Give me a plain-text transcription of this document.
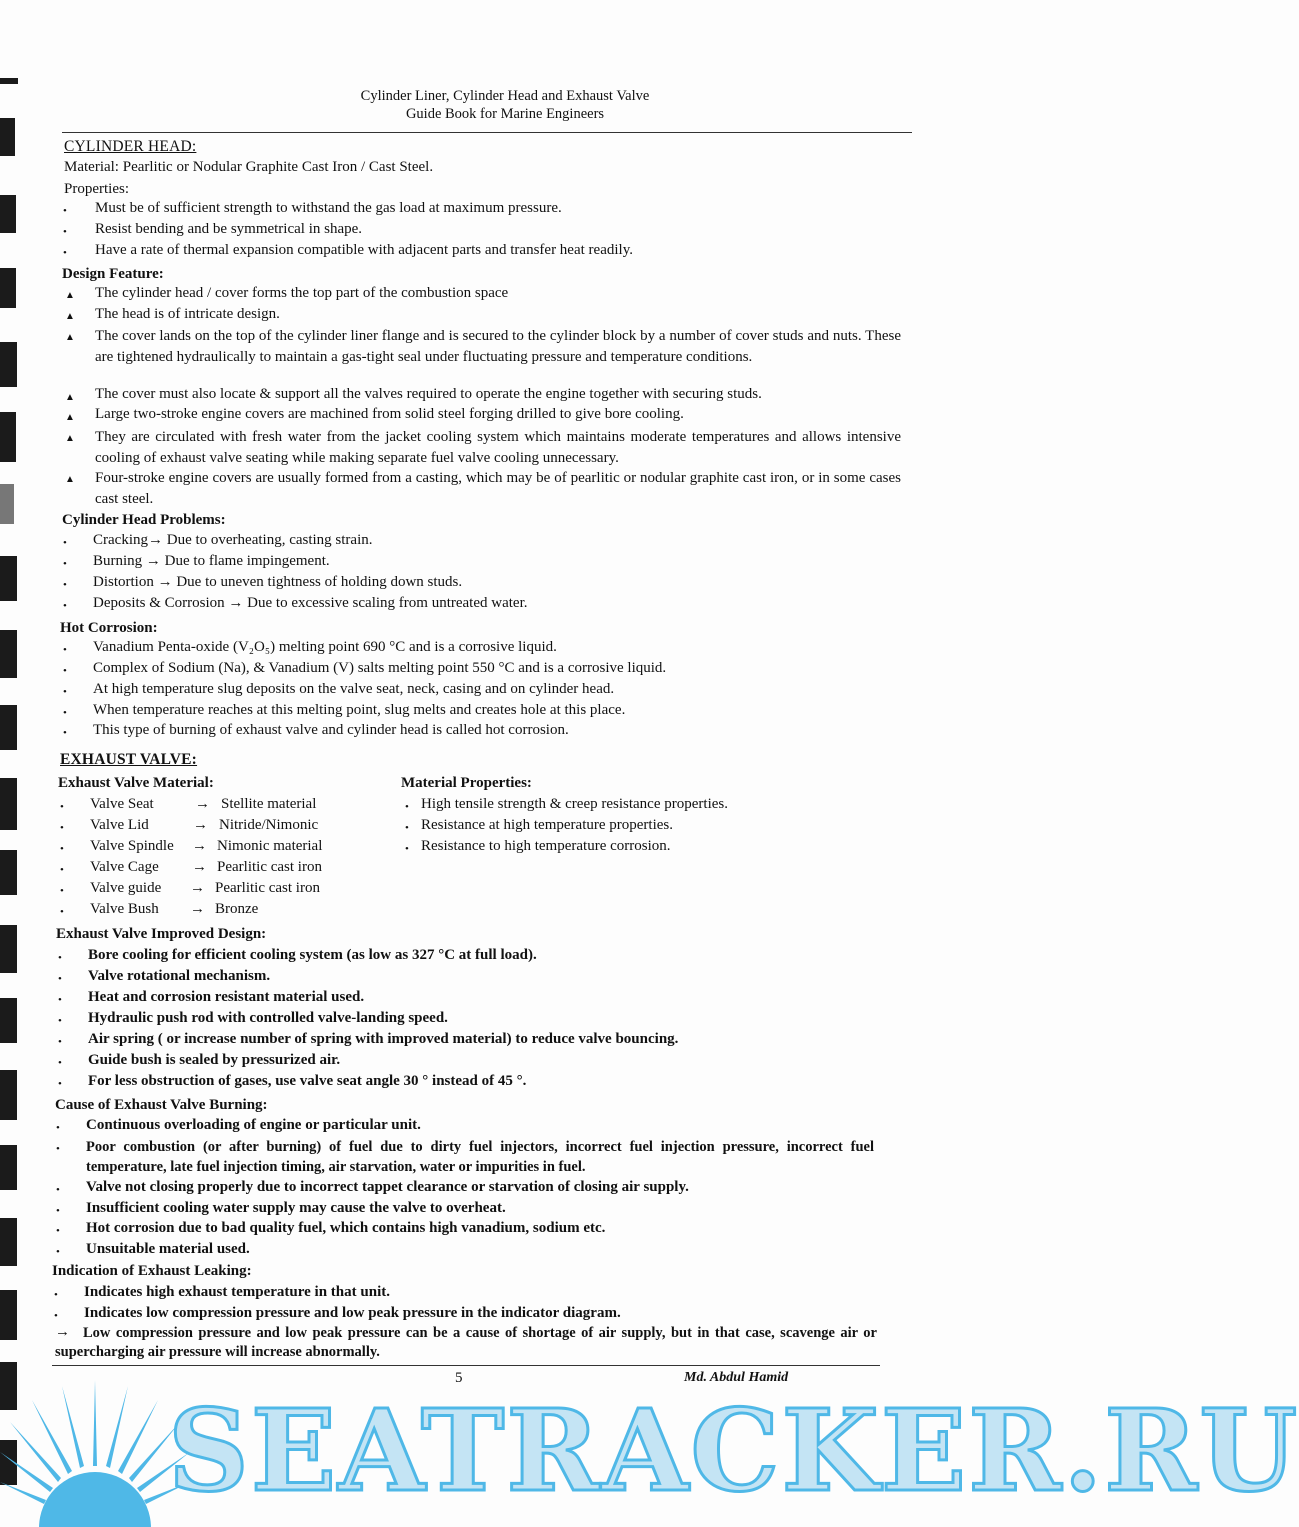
Cylinder Liner, Cylinder Head and Exhaust Valve
Guide Book for Marine Engineers
CYLINDER HEAD:
Material: Pearlitic or Nodular Graphite Cast Iron / Cast Steel.
Properties:
• Must be of sufficient strength to withstand the gas load at maximum pressure.
• Resist bending and be symmetrical in shape.
• Have a rate of thermal expansion compatible with adjacent parts and transfer heat readily.
Design Feature:
▲ The cylinder head / cover forms the top part of the combustion space
▲ The head is of intricate design.
▲ The cover lands on the top of the cylinder liner flange and is secured to the cylinder block by a number of cover studs and nuts. These are tightened hydraulically to maintain a gas-tight seal under fluctuating pressure and temperature conditions.
▲ The cover must also locate & support all the valves required to operate the engine together with securing studs.
▲ Large two-stroke engine covers are machined from solid steel forging drilled to give bore cooling.
▲ They are circulated with fresh water from the jacket cooling system which maintains moderate temperatures and allows intensive cooling of exhaust valve seating while making separate fuel valve cooling unnecessary.
▲ Four-stroke engine covers are usually formed from a casting, which may be of pearlitic or nodular graphite cast iron, or in some cases cast steel.
Cylinder Head Problems:
• Cracking→ Due to overheating, casting strain.
• Burning → Due to flame impingement.
• Distortion → Due to uneven tightness of holding down studs.
• Deposits & Corrosion → Due to excessive scaling from untreated water.
Hot Corrosion:
• Vanadium Penta-oxide (V₂O₅) melting point 690 °C and is a corrosive liquid.
• Complex of Sodium (Na), & Vanadium (V) salts melting point 550 °C and is a corrosive liquid.
• At high temperature slug deposits on the valve seat, neck, casing and on cylinder head.
• When temperature reaches at this melting point, slug melts and creates hole at this place.
• This type of burning of exhaust valve and cylinder head is called hot corrosion.
EXHAUST VALVE:
Exhaust Valve Material:
• Valve Seat	→ Stellite material
• Valve Lid	→ Nitride/Nimonic
• Valve Spindle → Nimonic material
• Valve Cage → Pearlitic cast iron
• Valve guide → Pearlitic cast iron
• Valve Bush → Bronze
Material Properties:
• High tensile strength & creep resistance properties.
• Resistance at high temperature properties.
• Resistance to high temperature corrosion.
Exhaust Valve Improved Design:
• Bore cooling for efficient cooling system (as low as 327 °C at full load).
• Valve rotational mechanism.
• Heat and corrosion resistant material used.
• Hydraulic push rod with controlled valve-landing speed.
• Air spring ( or increase number of spring with improved material) to reduce valve bouncing.
• Guide bush is sealed by pressurized air.
• For less obstruction of gases, use valve seat angle 30 ° instead of 45 °.
Cause of Exhaust Valve Burning:
• Continuous overloading of engine or particular unit.
• Poor combustion (or after burning) of fuel due to dirty fuel injectors, incorrect fuel injection pressure, incorrect fuel temperature, late fuel injection timing, air starvation, water or impurities in fuel.
• Valve not closing properly due to incorrect tappet clearance or starvation of closing air supply.
• Insufficient cooling water supply may cause the valve to overheat.
• Hot corrosion due to bad quality fuel, which contains high vanadium, sodium etc.
• Unsuitable material used.
Indication of Exhaust Leaking:
• Indicates high exhaust temperature in that unit.
• Indicates low compression pressure and low peak pressure in the indicator diagram.
→ Low compression pressure and low peak pressure can be a cause of shortage of air supply, but in that case, scavenge air or supercharging air pressure will increase abnormally.
5	Md. Abdul Hamid
SEATRACKER.RU
